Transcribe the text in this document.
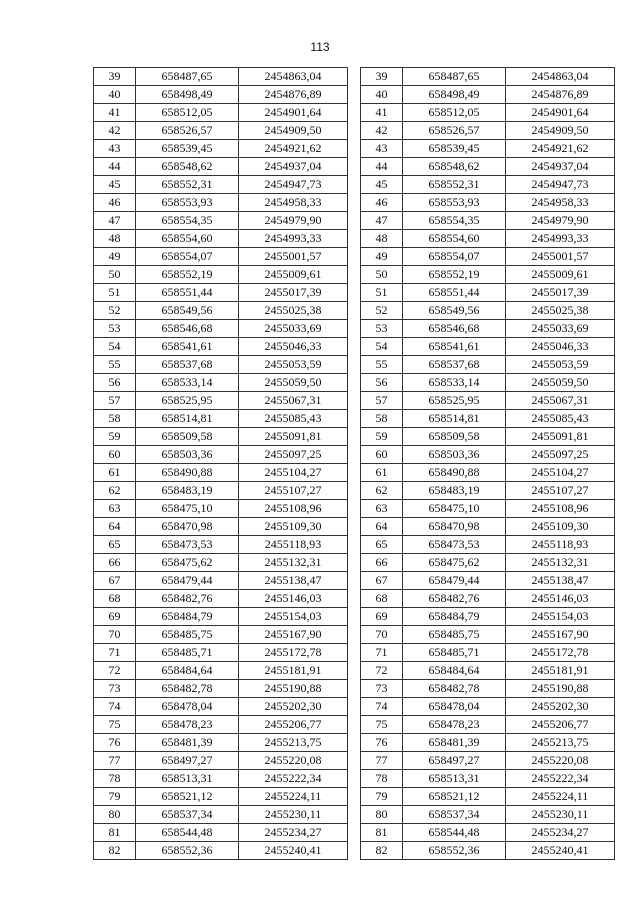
113
39	658487,65	2454863,04
40	658498,49	2454876,89
41	658512,05	2454901,64
42	658526,57	2454909,50
43	658539,45	2454921,62
44	658548,62	2454937,04
45	658552,31	2454947,73
46	658553,93	2454958,33
47	658554,35	2454979,90
48	658554,60	2454993,33
49	658554,07	2455001,57
50	658552,19	2455009,61
51	658551,44	2455017,39
52	658549,56	2455025,38
53	658546,68	2455033,69
54	658541,61	2455046,33
55	658537,68	2455053,59
56	658533,14	2455059,50
57	658525,95	2455067,31
58	658514,81	2455085,43
59	658509,58	2455091,81
60	658503,36	2455097,25
61	658490,88	2455104,27
62	658483,19	2455107,27
63	658475,10	2455108,96
64	658470,98	2455109,30
65	658473,53	2455118,93
66	658475,62	2455132,31
67	658479,44	2455138,47
68	658482,76	2455146,03
69	658484,79	2455154,03
70	658485,75	2455167,90
71	658485,71	2455172,78
72	658484,64	2455181,91
73	658482,78	2455190,88
74	658478,04	2455202,30
75	658478,23	2455206,77
76	658481,39	2455213,75
77	658497,27	2455220,08
78	658513,31	2455222,34
79	658521,12	2455224,11
80	658537,34	2455230,11
81	658544,48	2455234,27
82	658552,36	2455240,41
39	658487,65	2454863,04
40	658498,49	2454876,89
41	658512,05	2454901,64
42	658526,57	2454909,50
43	658539,45	2454921,62
44	658548,62	2454937,04
45	658552,31	2454947,73
46	658553,93	2454958,33
47	658554,35	2454979,90
48	658554,60	2454993,33
49	658554,07	2455001,57
50	658552,19	2455009,61
51	658551,44	2455017,39
52	658549,56	2455025,38
53	658546,68	2455033,69
54	658541,61	2455046,33
55	658537,68	2455053,59
56	658533,14	2455059,50
57	658525,95	2455067,31
58	658514,81	2455085,43
59	658509,58	2455091,81
60	658503,36	2455097,25
61	658490,88	2455104,27
62	658483,19	2455107,27
63	658475,10	2455108,96
64	658470,98	2455109,30
65	658473,53	2455118,93
66	658475,62	2455132,31
67	658479,44	2455138,47
68	658482,76	2455146,03
69	658484,79	2455154,03
70	658485,75	2455167,90
71	658485,71	2455172,78
72	658484,64	2455181,91
73	658482,78	2455190,88
74	658478,04	2455202,30
75	658478,23	2455206,77
76	658481,39	2455213,75
77	658497,27	2455220,08
78	658513,31	2455222,34
79	658521,12	2455224,11
80	658537,34	2455230,11
81	658544,48	2455234,27
82	658552,36	2455240,41
